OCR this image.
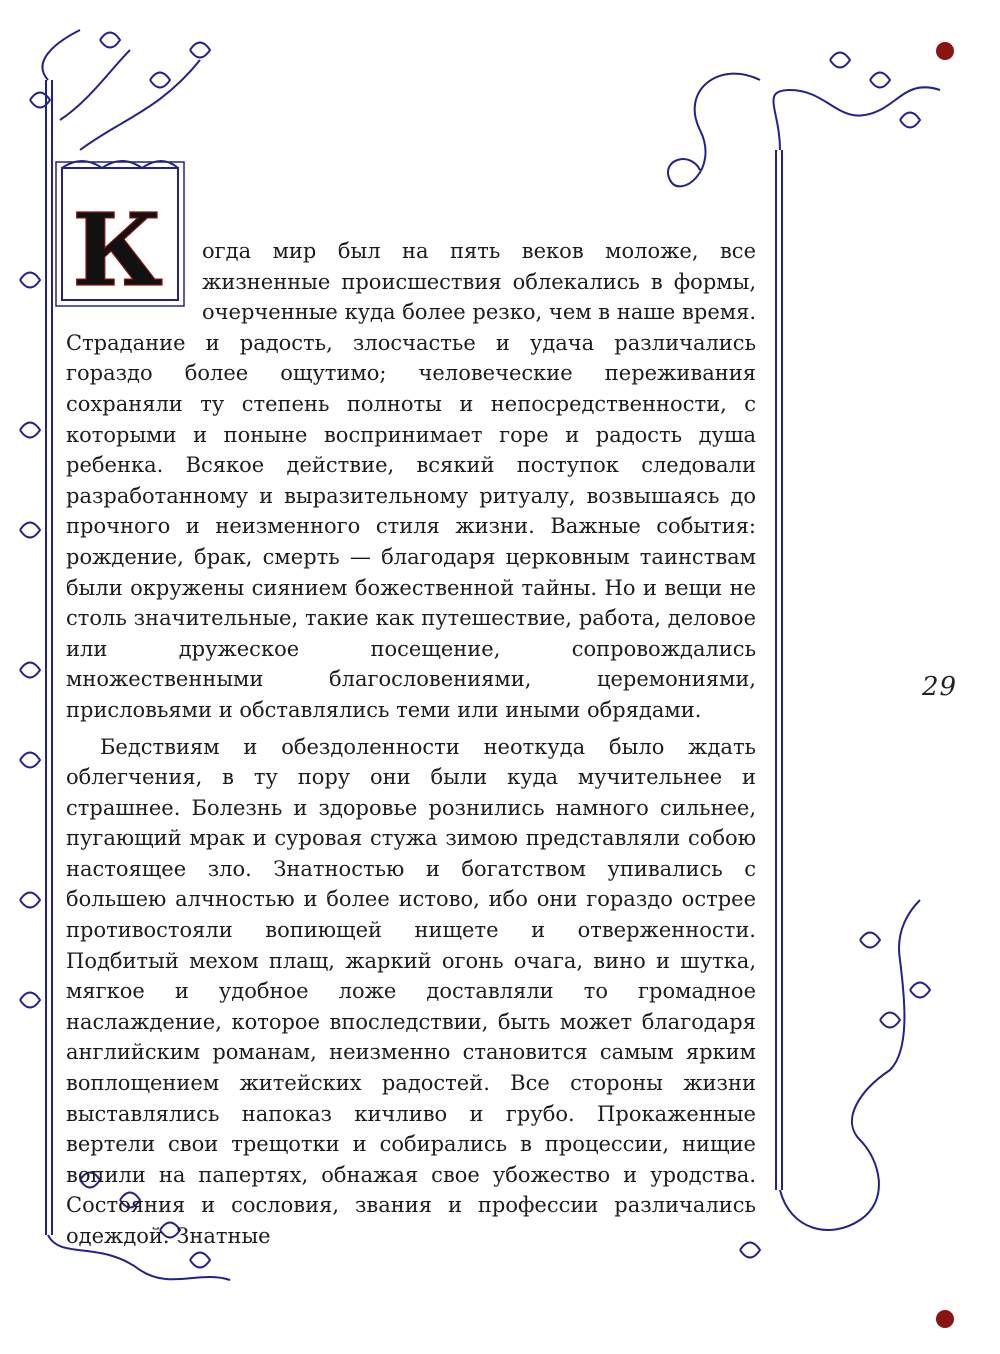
К	огда мир был на пять веков моложе, все жизненные происшествия облекались в формы, очерченные куда более резко, чем в наше время. Страдание и радость, злосчастье и удача различались гораздо более ощутимо; человеческие переживания сохраняли ту степень полноты и непосредственности, с которыми и поныне воспринимает горе и радость душа ребенка. Всякое действие, всякий поступок следовали разработанному и выразительному ритуалу, возвышаясь до прочного и неизменного стиля жизни. Важные события: рождение, брак, смерть — благодаря церковным таинствам были окружены сиянием божественной тайны. Но и вещи не столь значительные, такие как путешествие, работа, деловое или дружеское посещение, сопровождались множественными благословениями, церемониями, присловьями и обставлялись теми или иными обрядами.

Бедствиям и обездоленности неоткуда было ждать облегчения, в ту пору они были куда мучительнее и страшнее. Болезнь и здоровье рознились намного сильнее, пугающий мрак и суровая стужа зимою представляли собою настоящее зло. Знатностью и богатством упивались с большею алчностью и более истово, ибо они гораздо острее противостояли вопиющей нищете и отверженности. Подбитый мехом плащ, жаркий огонь очага, вино и шутка, мягкое и удобное ложе доставляли то громадное наслаждение, которое впоследствии, быть может благодаря английским романам, неизменно становится самым ярким воплощением житейских радостей. Все стороны жизни выставлялись напоказ кичливо и грубо. Прокаженные вертели свои трещотки и собирались в процессии, нищие вопили на папертях, обнажая свое убожество и уродства. Состояния и сословия, звания и профессии различались одеждой. Знатные

29
